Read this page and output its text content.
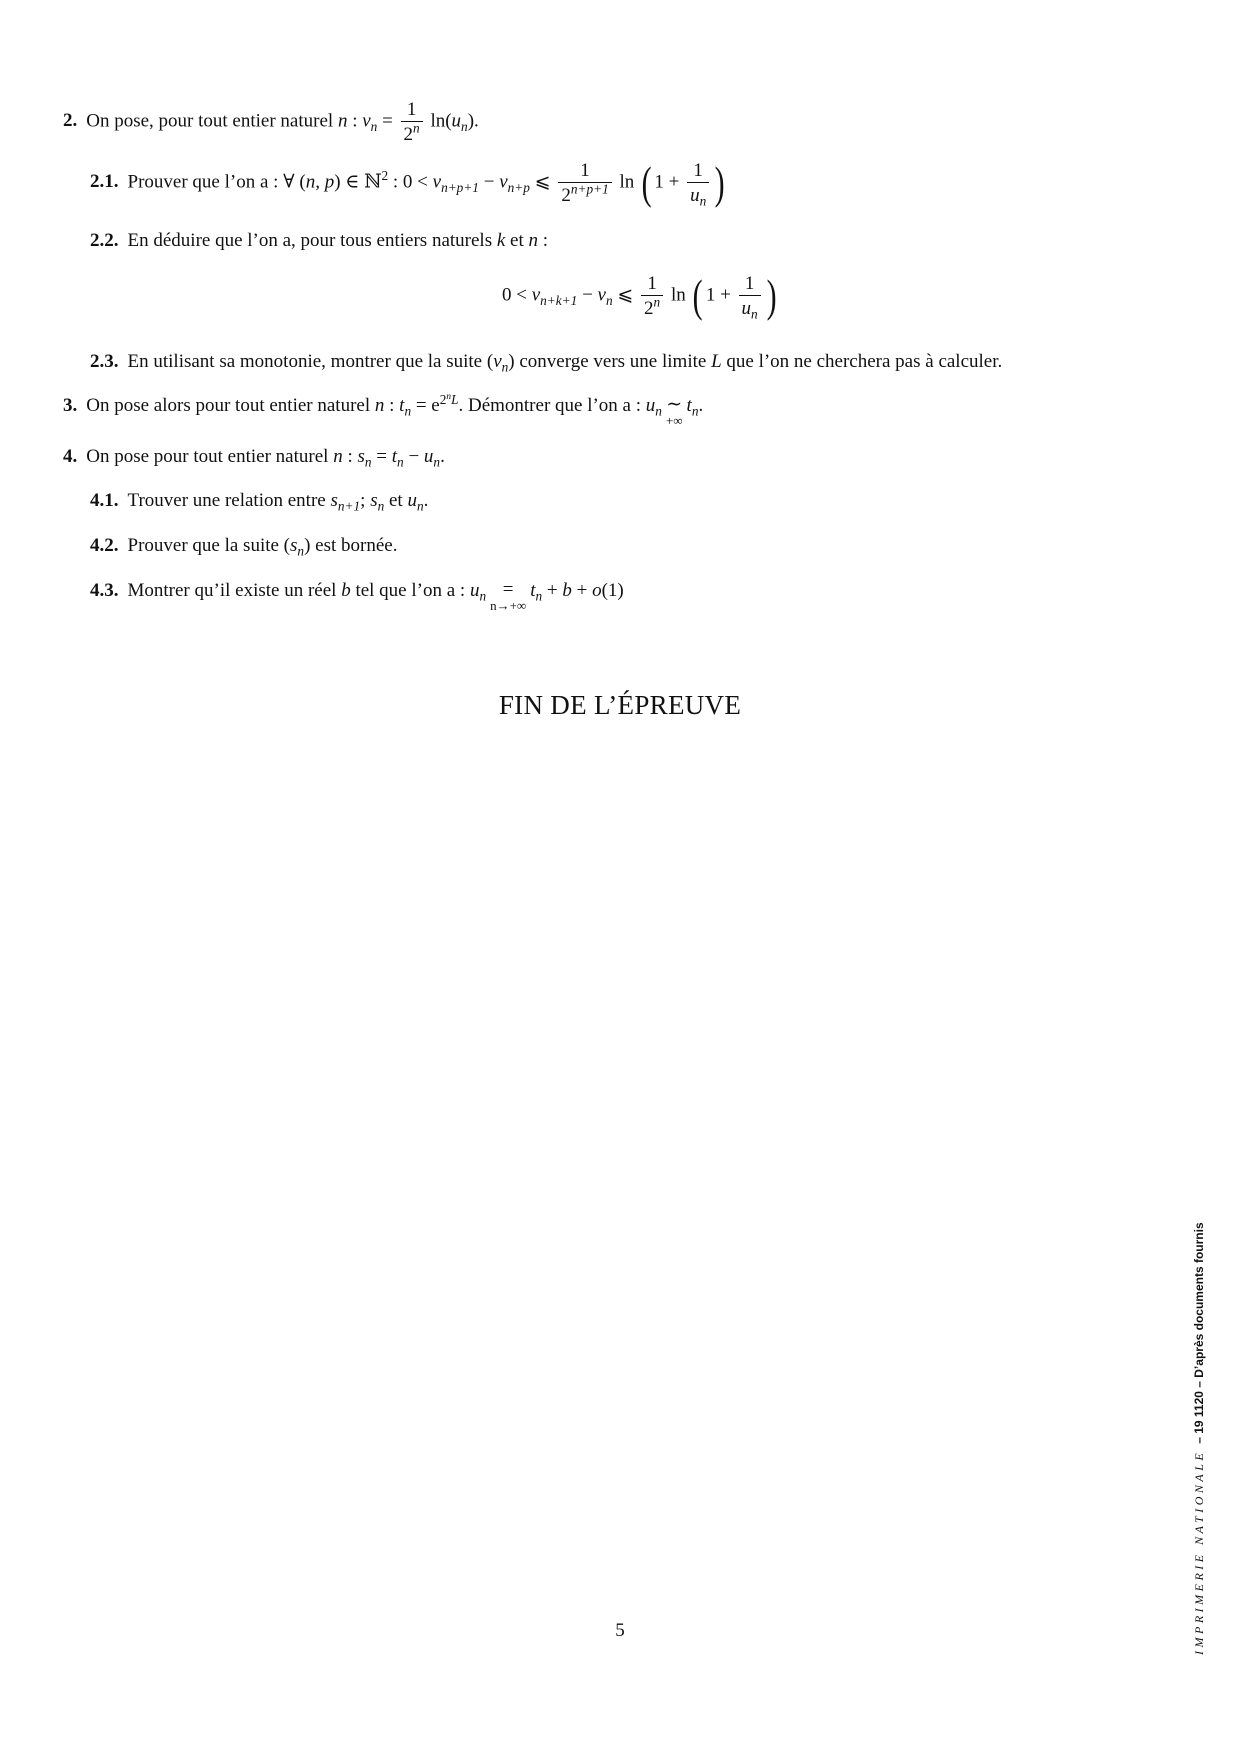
2. On pose, pour tout entier naturel n : $v_n = \frac{1}{2^n} \ln(u_n)$.
2.1. Prouver que l’on a : ∀ (n, p) ∈ ℕ$^2$ : $0 < v_{n+p+1} - v_{n+p}$ ⩽ $\frac{1}{2^{n+p+1}}$ ln ( $1 + \frac{1}{u_n}$ )
2.2. En déduire que l’on a, pour tous entiers naturels k et n :
$0 < v_{n+k+1} - v_n$ ⩽ $\frac{1}{2^n}$ ln ( $1 + \frac{1}{u_n}$ )
2.3. En utilisant sa monotonie, montrer que la suite $(v_n)$ converge vers une limite L que l’on ne cherchera pas à calculer.
3. On pose alors pour tout entier naturel n : $t_n = e^{2^nL}$. Démontrer que l’on a : $u_n$ ∼
+∞
$t_n$.
4. On pose pour tout entier naturel n : $s_n = t_n - u_n$.
4.1. Trouver une relation entre $s_{n+1}$; $s_n$ et $u_n$.
4.2. Prouver que la suite $(s_n)$ est bornée.
4.3. Montrer qu’il existe un réel b tel que l’on a : $u_n$ =
n→+∞
$t_n + b + o(1)$
FIN DE L’ÉPREUVE
5	IMPRIMERIE NATIONALE– 19 1120 – D’après documents fournis
